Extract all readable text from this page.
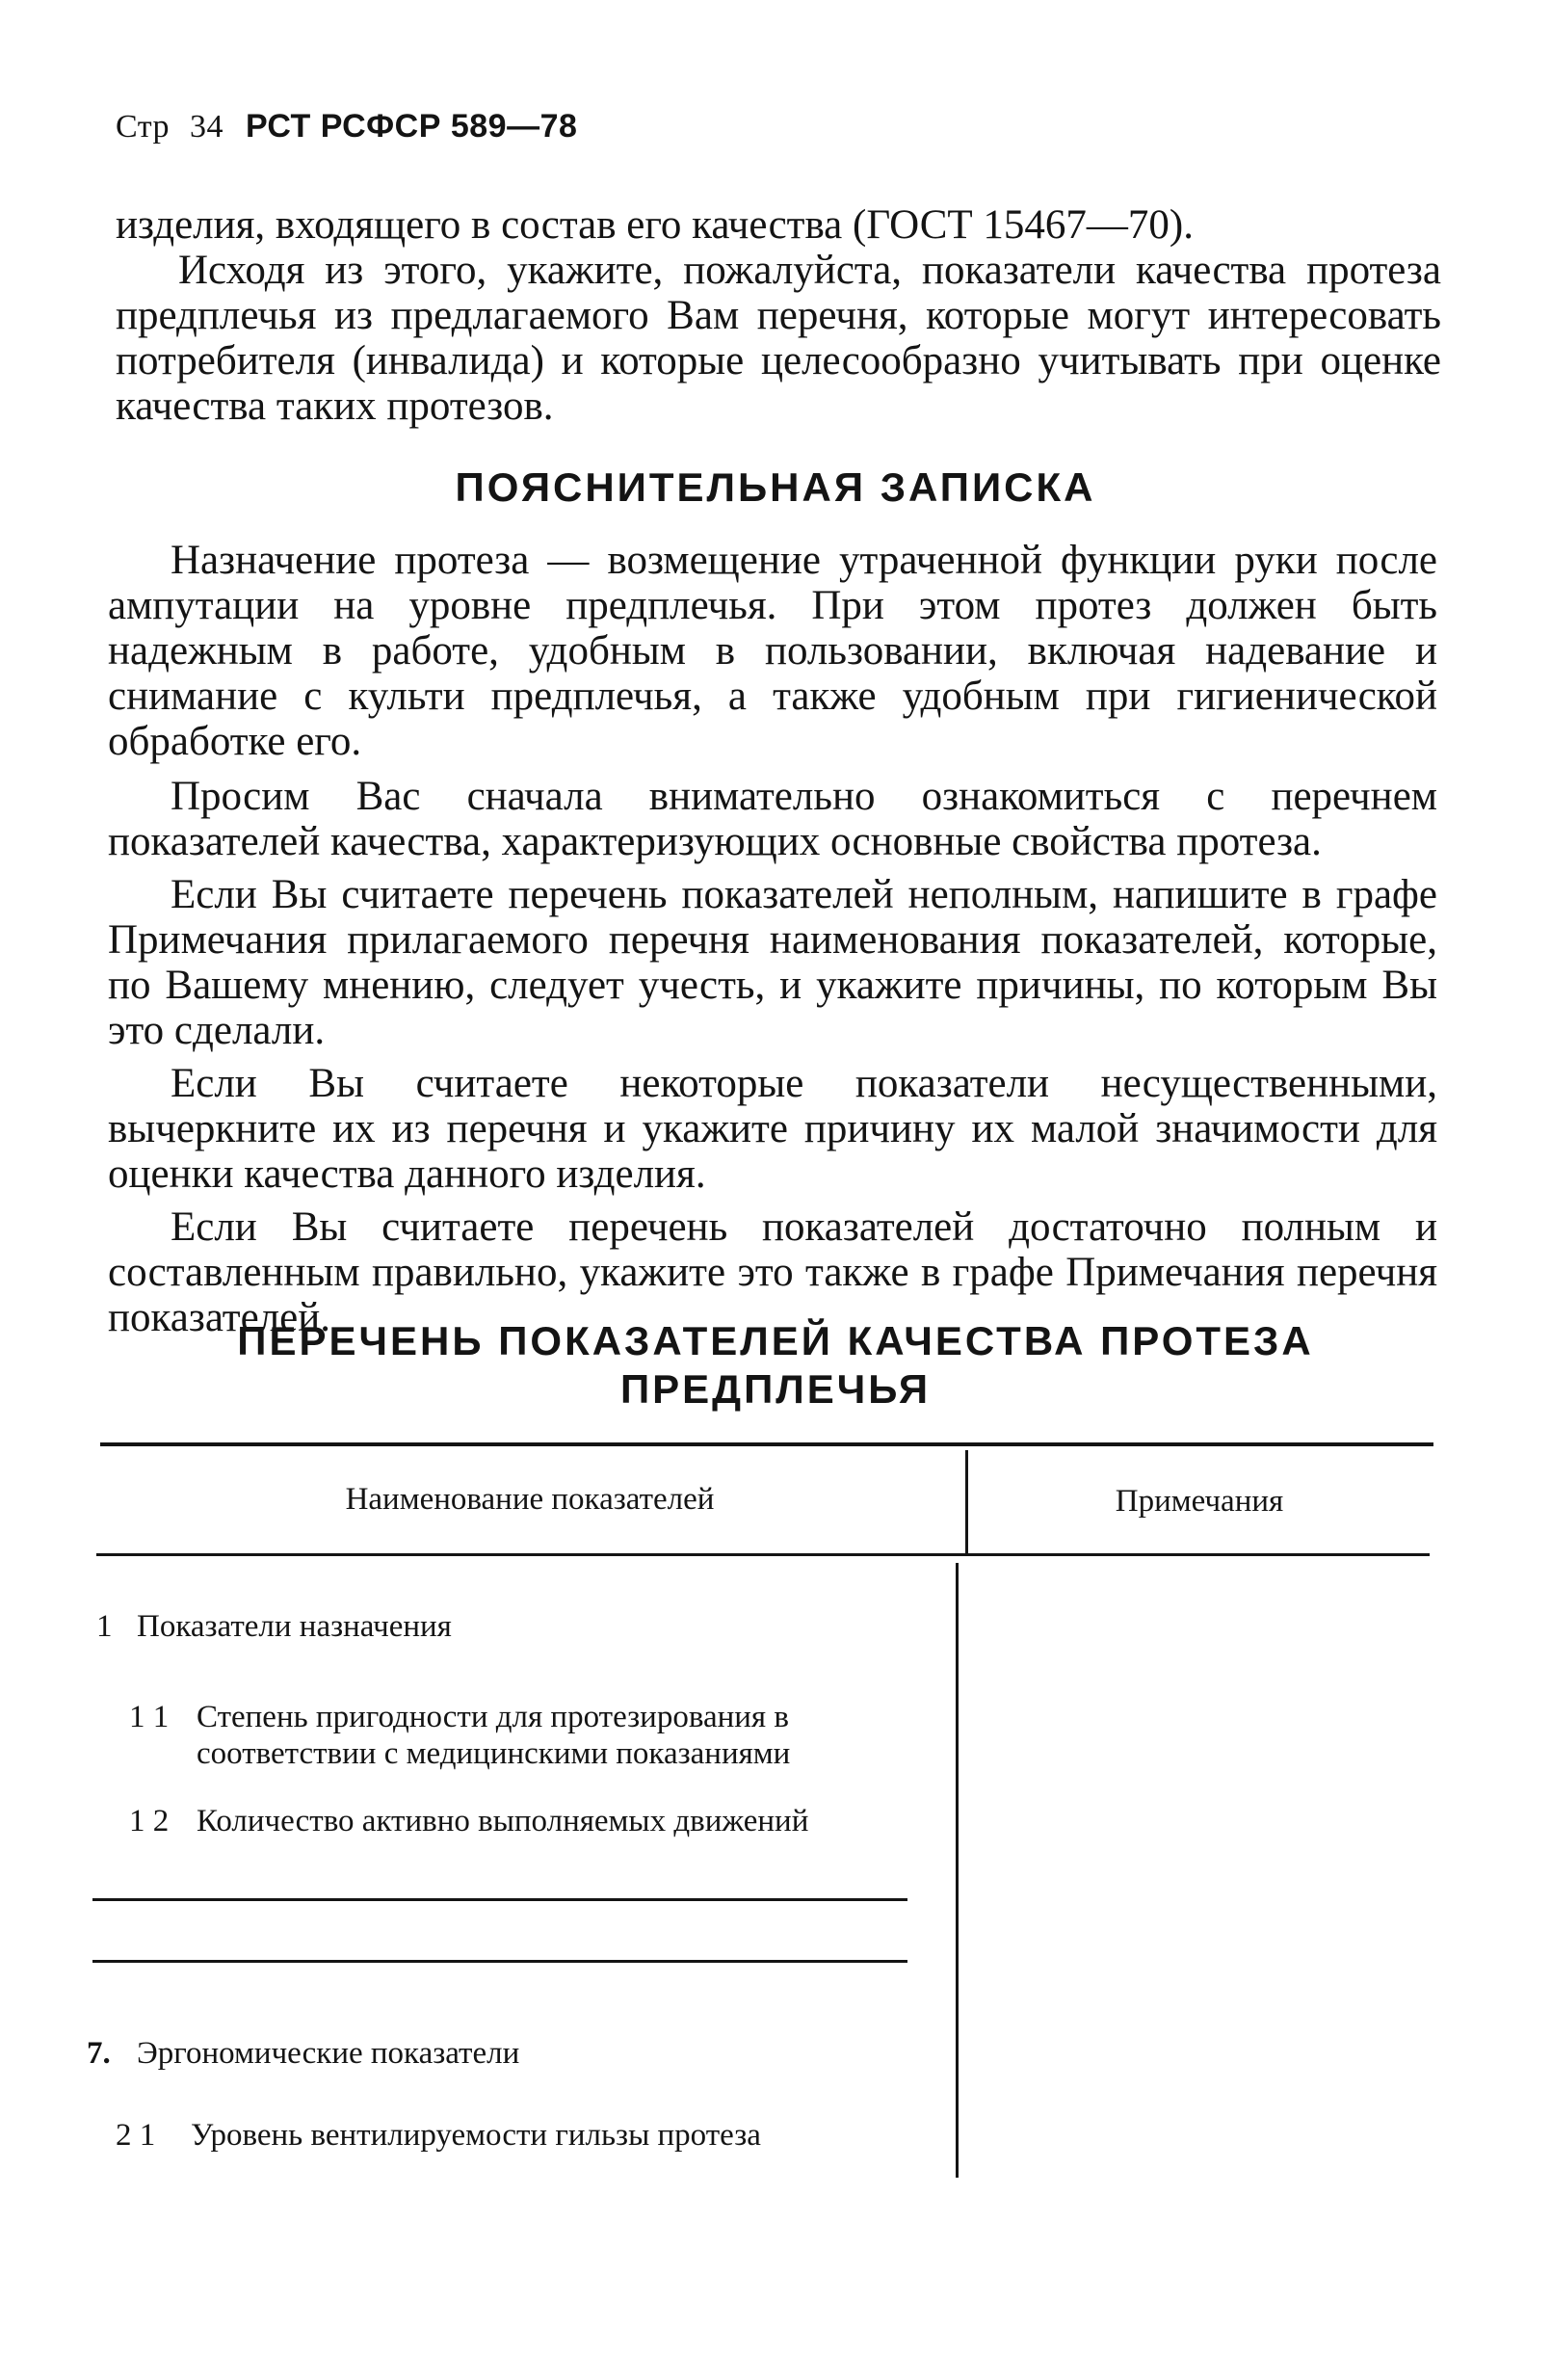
Стр 34 РСТ РСФСР 589—78

изделия, входящего в состав его качества (ГОСТ 15467—70).

Исходя из этого, укажите, пожалуйста, показатели качества протеза предплечья из предлагаемого Вам перечня, которые могут интересовать потребителя (инвалида) и которые целесообразно учитывать при оценке качества таких протезов.

ПОЯСНИТЕЛЬНАЯ ЗАПИСКА

Назначение протеза — возмещение утраченной функции руки после ампутации на уровне предплечья. При этом протез должен быть надежным в работе, удобным в пользовании, включая надевание и снимание с культи предплечья, а также удобным при гигиенической обработке его.

Просим Вас сначала внимательно ознакомиться с перечнем показателей качества, характеризующих основные свойства протеза.

Если Вы считаете перечень показателей неполным, напишите в графе Примечания прилагаемого перечня наименования показателей, которые, по Вашему мнению, следует учесть, и укажите причины, по которым Вы это сделали.

Если Вы считаете некоторые показатели несущественными, вычеркните их из перечня и укажите причину их малой значимости для оценки качества данного изделия.

Если Вы считаете перечень показателей достаточно полным и составленным правильно, укажите это также в графе Примечания перечня показателей.

ПЕРЕЧЕНЬ ПОКАЗАТЕЛЕЙ КАЧЕСТВА ПРОТЕЗА
ПРЕДПЛЕЧЬЯ
Наименование показателей	Примечания
1 Показатели назначения
1 1 Степень пригодности для протезирования в
соответствии с медицинскими показаниями
1 2 Количество активно выполняемых движений
7. Эргономические показатели
2 1 Уровень вентилируемости гильзы протеза
